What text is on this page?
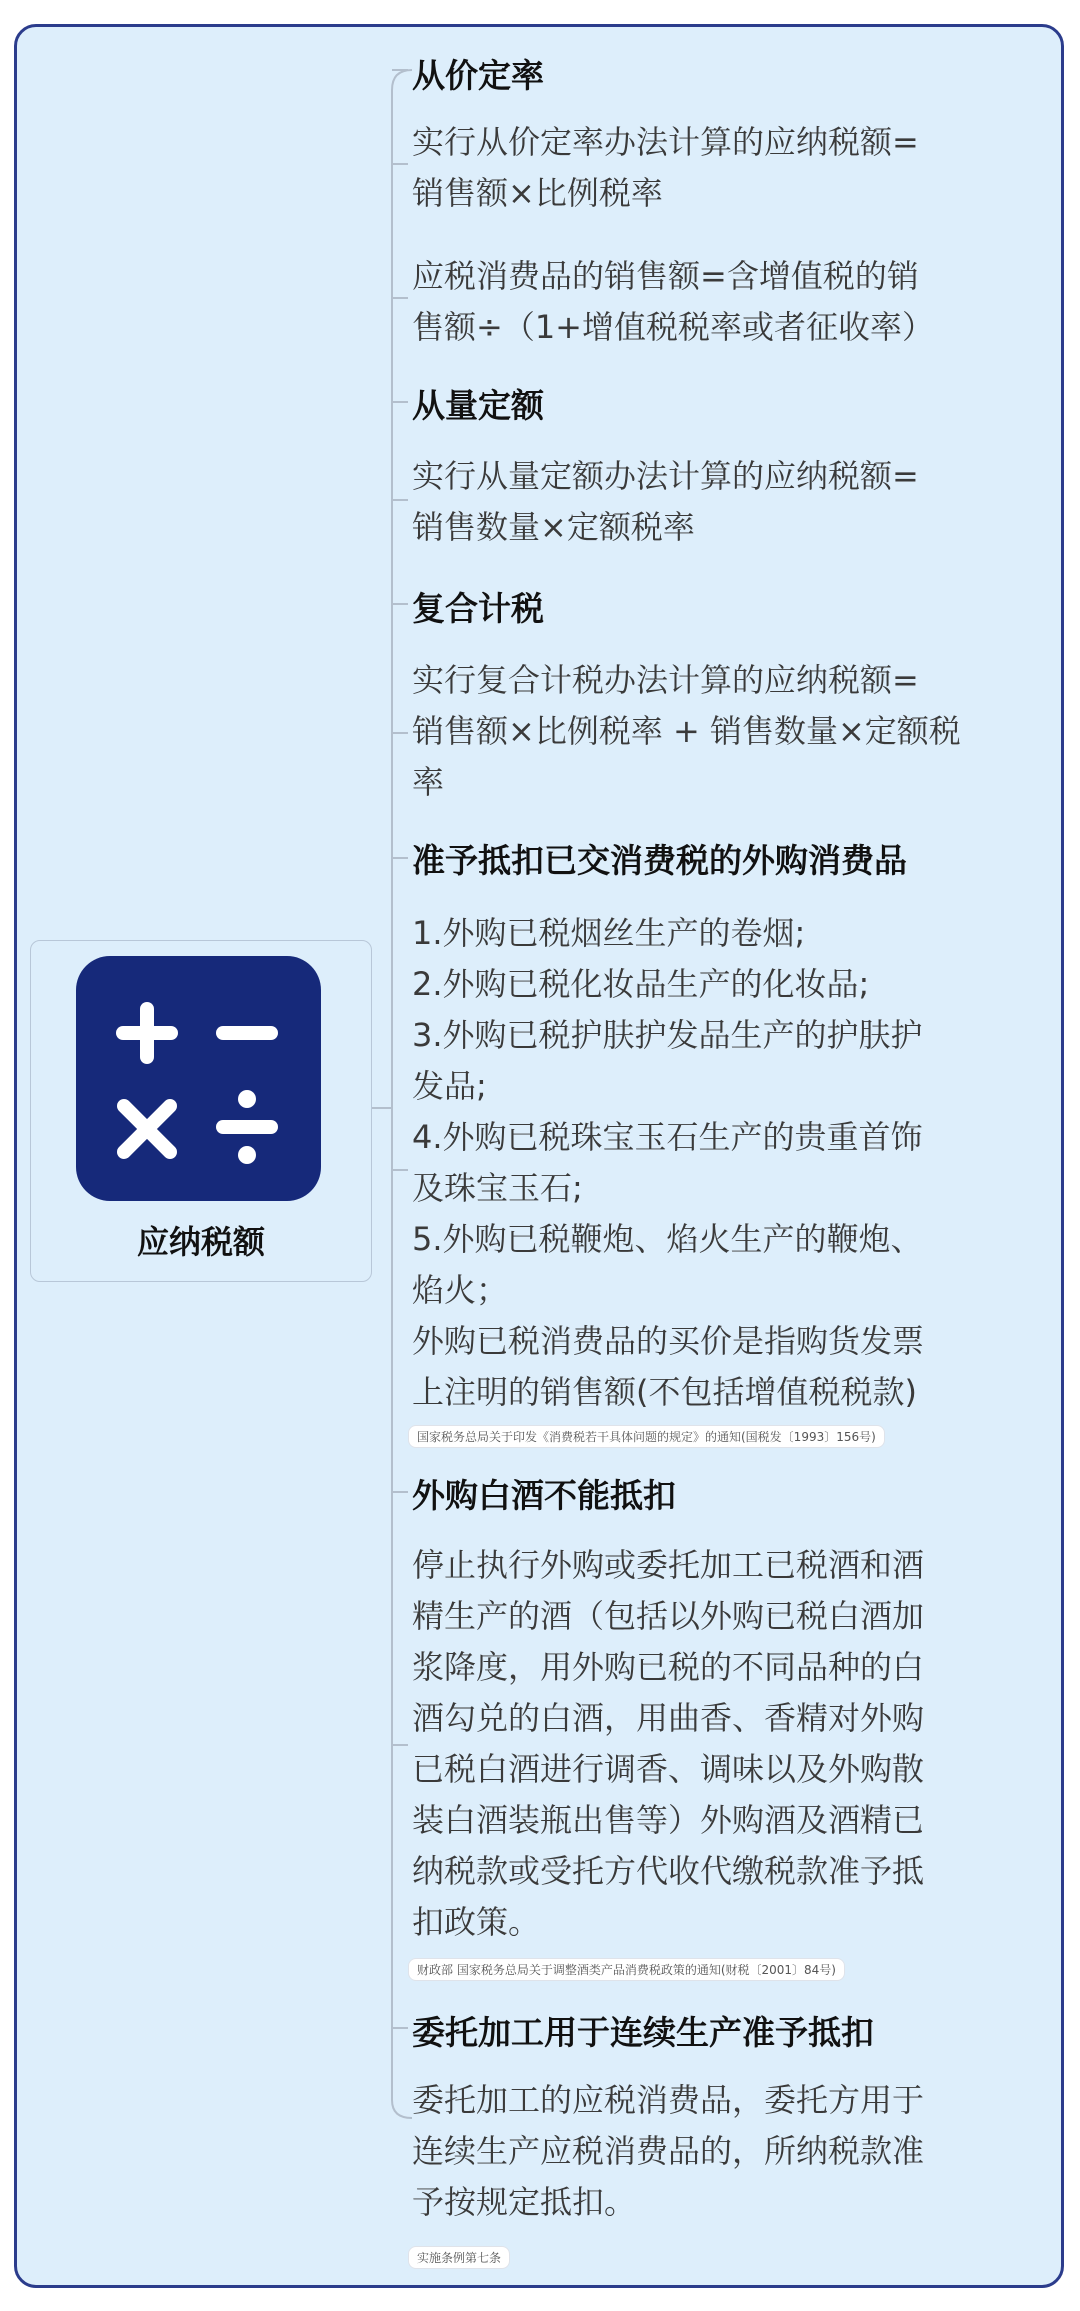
应纳税额
从价定率
实行从价定率办法计算的应纳税额=
销售额×比例税率
应税消费品的销售额=含增值税的销
售额÷（1+增值税税率或者征收率）
从量定额
实行从量定额办法计算的应纳税额=
销售数量×定额税率
复合计税
实行复合计税办法计算的应纳税额=
销售额×比例税率 + 销售数量×定额税
率
准予抵扣已交消费税的外购消费品
1.外购已税烟丝生产的卷烟;
2.外购已税化妆品生产的化妆品;
3.外购已税护肤护发品生产的护肤护
发品;
4.外购已税珠宝玉石生产的贵重首饰
及珠宝玉石;
5.外购已税鞭炮、焰火生产的鞭炮、
焰火；
外购已税消费品的买价是指购货发票
上注明的销售额(不包括增值税税款)
国家税务总局关于印发《消费税若干具体问题的规定》的通知(国税发〔1993〕156号)
外购白酒不能抵扣
停止执行外购或委托加工已税酒和酒
精生产的酒（包括以外购已税白酒加
浆降度，用外购已税的不同品种的白
酒勾兑的白酒，用曲香、香精对外购
已税白酒进行调香、调味以及外购散
装白酒装瓶出售等）外购酒及酒精已
纳税款或受托方代收代缴税款准予抵
扣政策。
财政部 国家税务总局关于调整酒类产品消费税政策的通知(财税〔2001〕84号)
委托加工用于连续生产准予抵扣
委托加工的应税消费品，委托方用于
连续生产应税消费品的，所纳税款准
予按规定抵扣。
实施条例第七条
